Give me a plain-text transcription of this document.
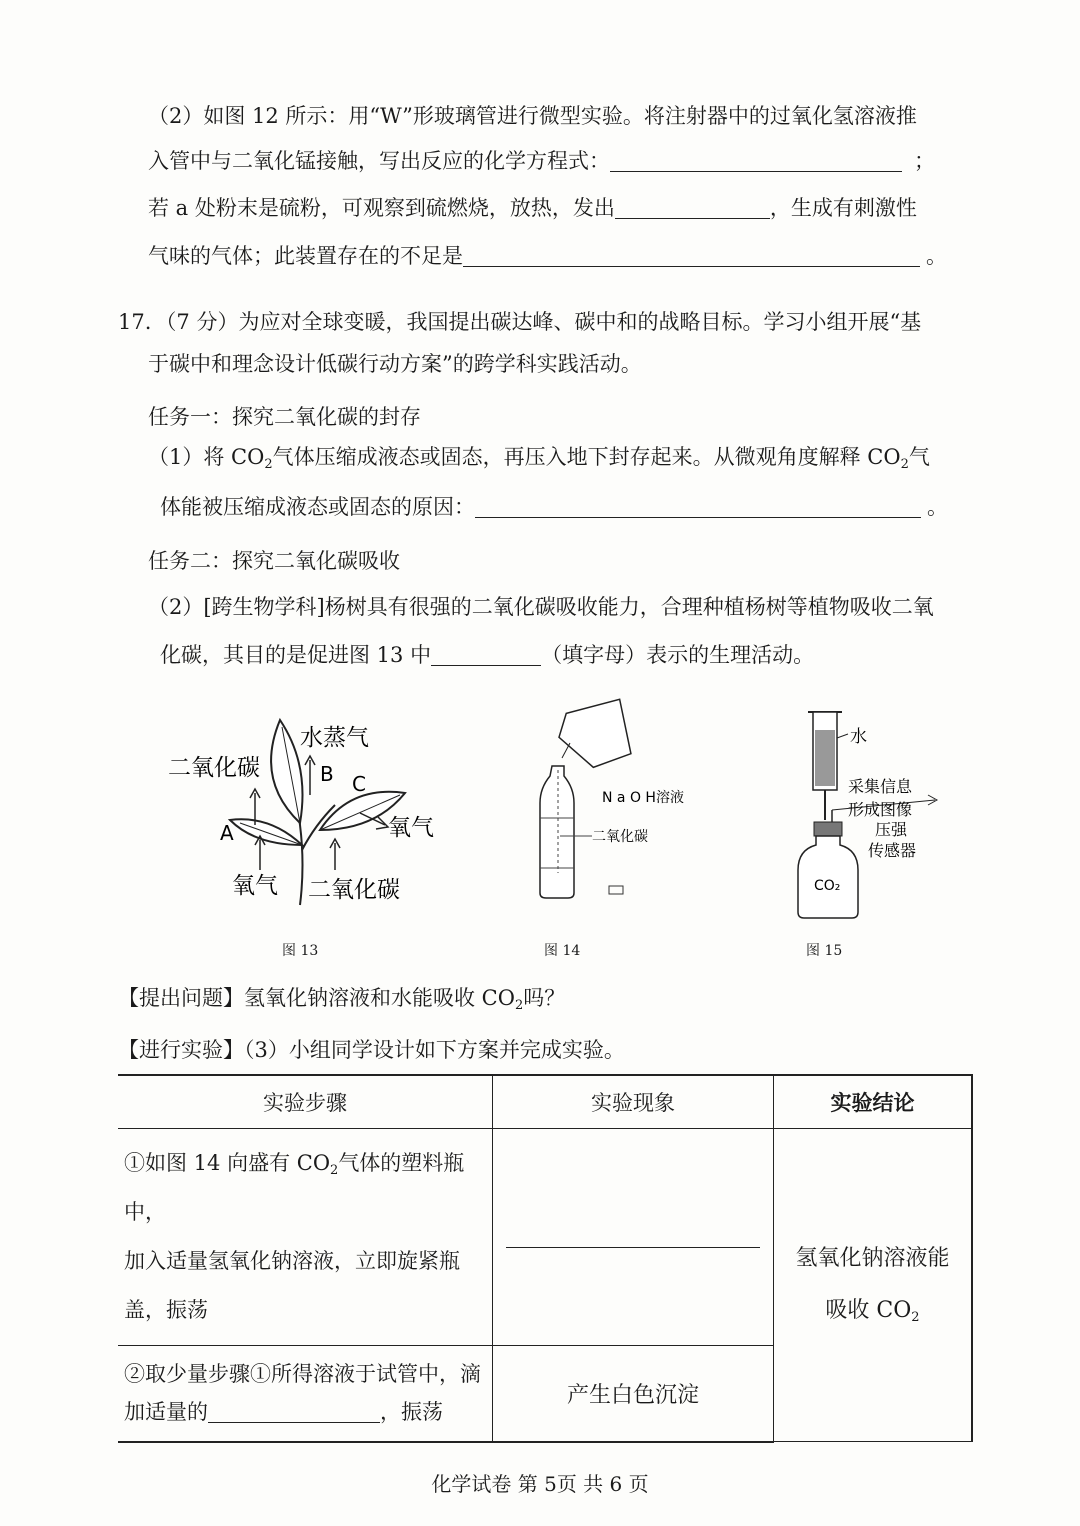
（2）如图 12 所示：用“W”形玻璃管进行微型实验。将注射器中的过氧化氢溶液推
入管中与二氧化锰接触，写出反应的化学方程式：	；
若 a 处粉末是硫粉，可观察到硫燃烧，放热，发出	，生成有刺激性
气味的气体；此装置存在的不足是	。
17. （7 分）为应对全球变暖，我国提出碳达峰、碳中和的战略目标。学习小组开展“基
于碳中和理念设计低碳行动方案”的跨学科实践活动。
任务一：探究二氧化碳的封存
（1）将 $CO_2$气体压缩成液态或固态，再压入地下封存起来。从微观角度解释 $CO_2$气
体能被压缩成液态或固态的原因：	。
任务二：探究二氧化碳吸收
（2）[跨生物学科]杨树具有很强的二氧化碳吸收能力，合理种植杨树等植物吸收二氧
化碳，其目的是促进图 13 中	（填字母）表示的生理活动。
二氧化碳
水蒸气
B C
A	氧气
氧气 二氧化碳
图 13
N a O H溶液
二氧化碳
图 14
水
采集信息
形成图像
压强
传感器
CO₂
图 15
【提出问题】氢氧化钠溶液和水能吸收 $CO_2$吗？
【进行实验】（3）小组同学设计如下方案并完成实验。
实验步骤	实验现象	实验结论
①如图 14 向盛有 $CO_2$气体的塑料瓶中，
加入适量氢氧化钠溶液，立即旋紧瓶
盖，振荡		氢氧化钠溶液能
吸收 $CO_2$
②取少量步骤①所得溶液于试管中，滴
加适量的 ，振荡	产生白色沉淀	
化学试卷 第 5页 共 6 页
